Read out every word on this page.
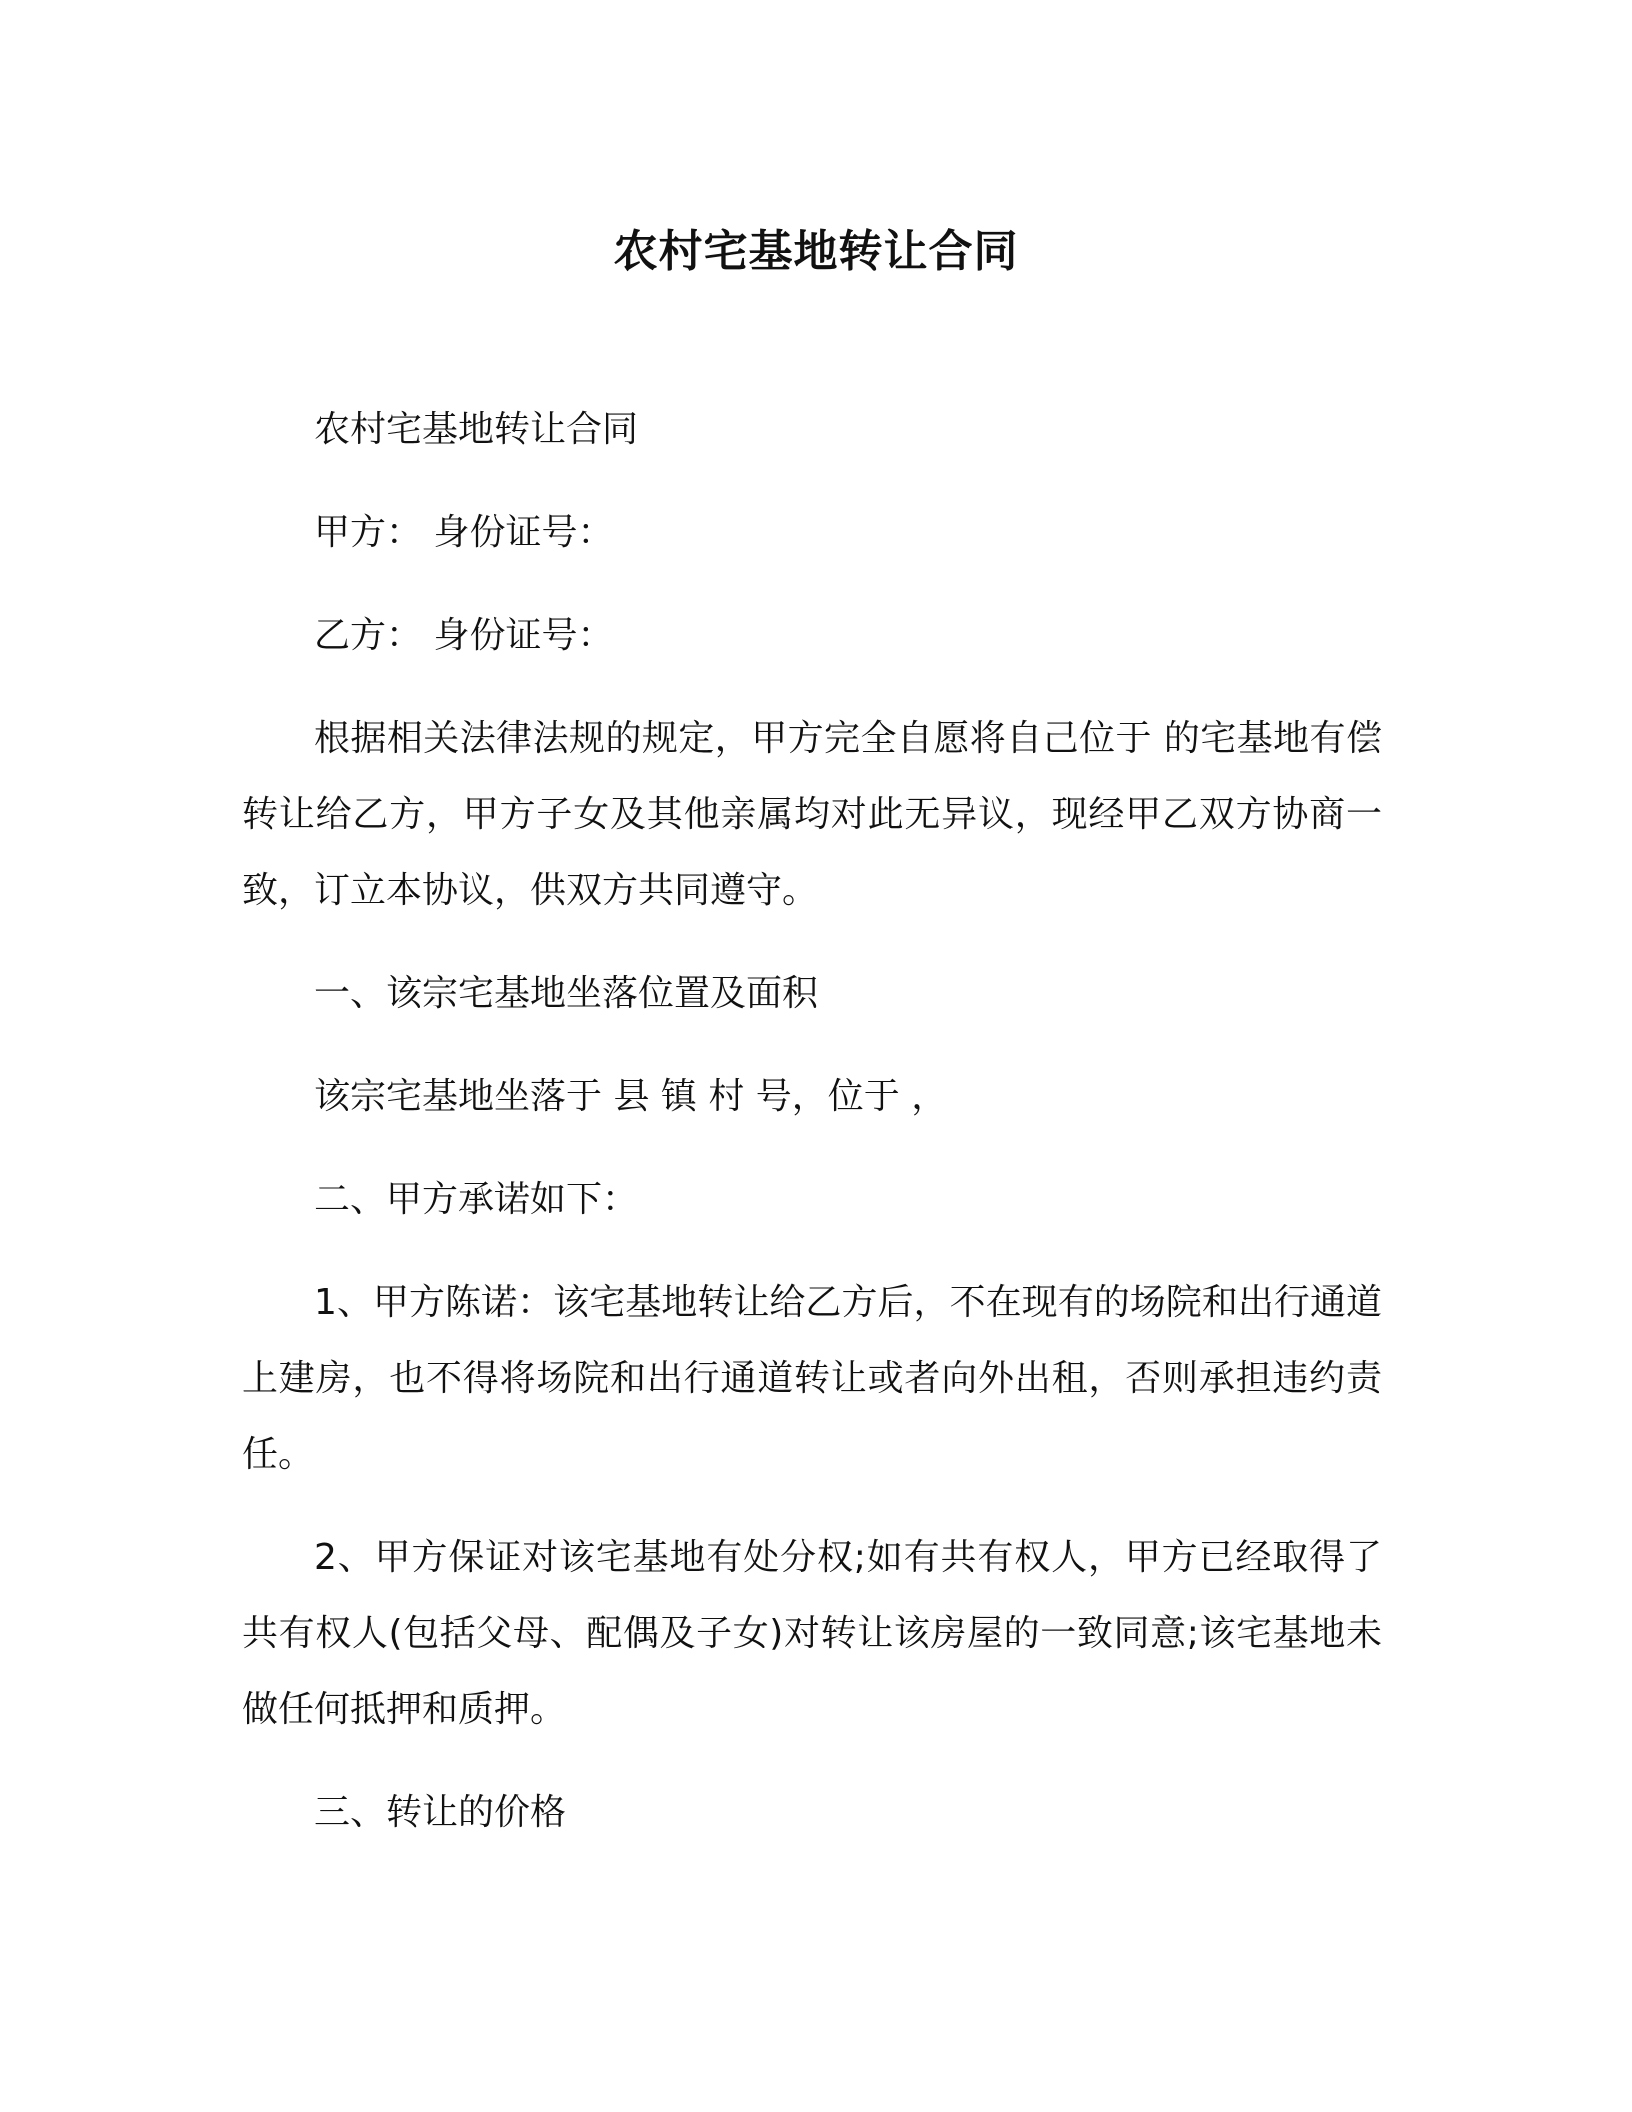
农村宅基地转让合同

农村宅基地转让合同

甲方： 身份证号：

乙方： 身份证号：

根据相关法律法规的规定，甲方完全自愿将自己位于 的宅基地有偿转让给乙方，甲方子女及其他亲属均对此无异议，现经甲乙双方协商一致，订立本协议，供双方共同遵守。

一、该宗宅基地坐落位置及面积

该宗宅基地坐落于 县 镇 村 号，位于 ，

二、甲方承诺如下：

1、甲方陈诺：该宅基地转让给乙方后，不在现有的场院和出行通道上建房，也不得将场院和出行通道转让或者向外出租，否则承担违约责任。

2、甲方保证对该宅基地有处分权;如有共有权人，甲方已经取得了共有权人(包括父母、配偶及子女)对转让该房屋的一致同意;该宅基地未做任何抵押和质押。

三、转让的价格
